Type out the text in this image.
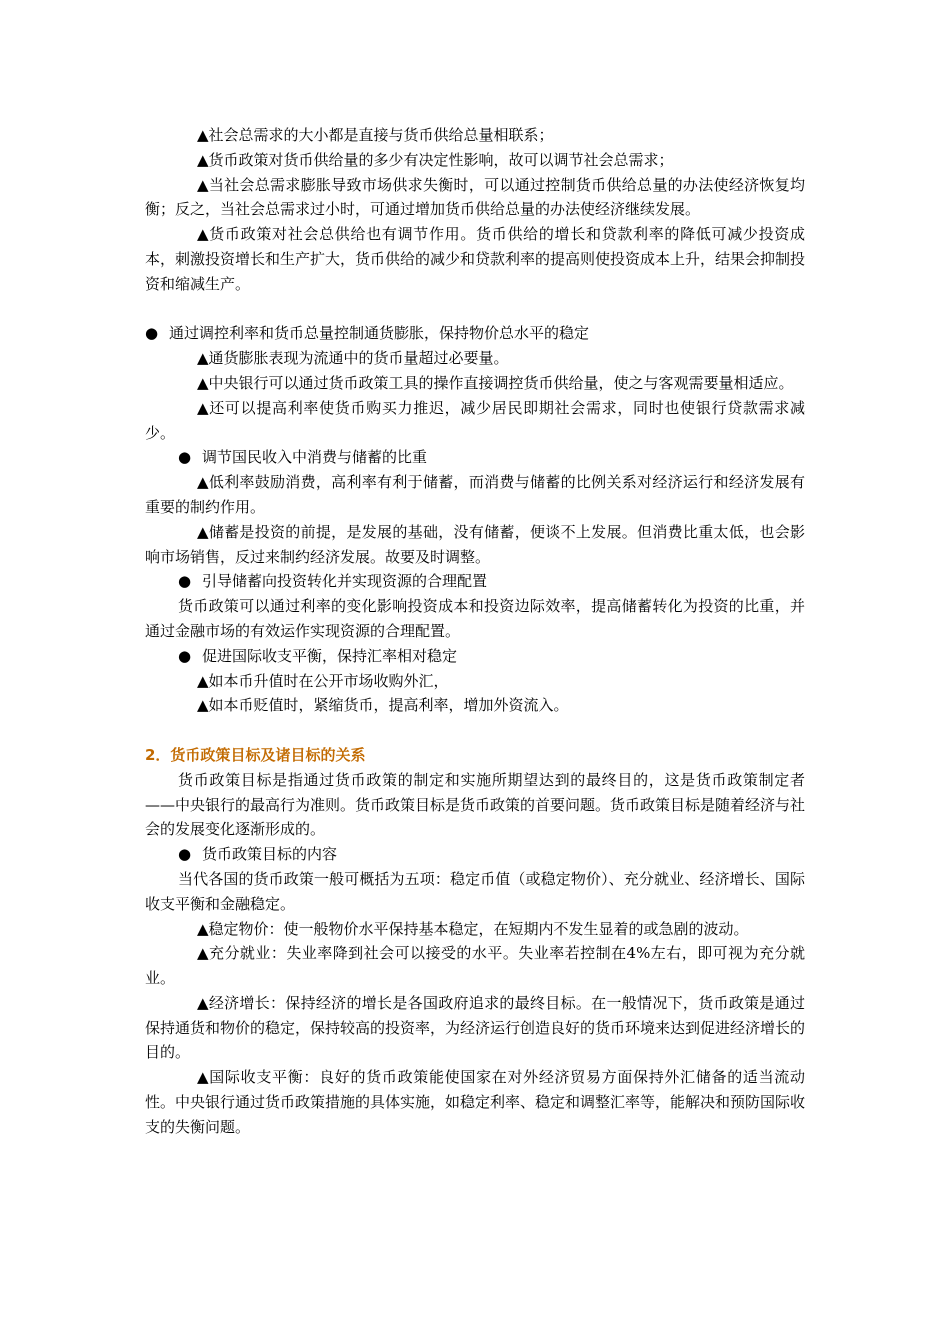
▲社会总需求的大小都是直接与货币供给总量相联系；

▲货币政策对货币供给量的多少有决定性影响，故可以调节社会总需求；

▲当社会总需求膨胀导致市场供求失衡时，可以通过控制货币供给总量的办法使经济恢复均衡；反之，当社会总需求过小时，可通过增加货币供给总量的办法使经济继续发展。

▲货币政策对社会总供给也有调节作用。货币供给的增长和贷款利率的降低可减少投资成本，刺激投资增长和生产扩大，货币供给的减少和贷款利率的提高则使投资成本上升，结果会抑制投资和缩减生产。

● 通过调控利率和货币总量控制通货膨胀，保持物价总水平的稳定

▲通货膨胀表现为流通中的货币量超过必要量。

▲中央银行可以通过货币政策工具的操作直接调控货币供给量，使之与客观需要量相适应。

▲还可以提高利率使货币购买力推迟，减少居民即期社会需求，同时也使银行贷款需求减少。

● 调节国民收入中消费与储蓄的比重

▲低利率鼓励消费，高利率有利于储蓄，而消费与储蓄的比例关系对经济运行和经济发展有重要的制约作用。

▲储蓄是投资的前提，是发展的基础，没有储蓄，便谈不上发展。但消费比重太低，也会影响市场销售，反过来制约经济发展。故要及时调整。

● 引导储蓄向投资转化并实现资源的合理配置

货币政策可以通过利率的变化影响投资成本和投资边际效率，提高储蓄转化为投资的比重，并通过金融市场的有效运作实现资源的合理配置。

● 促进国际收支平衡，保持汇率相对稳定

▲如本币升值时在公开市场收购外汇，

▲如本币贬值时，紧缩货币，提高利率，增加外资流入。

2．货币政策目标及诸目标的关系

货币政策目标是指通过货币政策的制定和实施所期望达到的最终目的，这是货币政策制定者——中央银行的最高行为准则。货币政策目标是货币政策的首要问题。货币政策目标是随着经济与社会的发展变化逐渐形成的。

● 货币政策目标的内容

当代各国的货币政策一般可概括为五项：稳定币值（或稳定物价）、充分就业、经济增长、国际收支平衡和金融稳定。

▲稳定物价：使一般物价水平保持基本稳定，在短期内不发生显着的或急剧的波动。

▲充分就业：失业率降到社会可以接受的水平。失业率若控制在4%左右，即可视为充分就业。

▲经济增长：保持经济的增长是各国政府追求的最终目标。在一般情况下，货币政策是通过保持通货和物价的稳定，保持较高的投资率，为经济运行创造良好的货币环境来达到促进经济增长的目的。

▲国际收支平衡：良好的货币政策能使国家在对外经济贸易方面保持外汇储备的适当流动性。中央银行通过货币政策措施的具体实施，如稳定利率、稳定和调整汇率等，能解决和预防国际收支的失衡问题。
